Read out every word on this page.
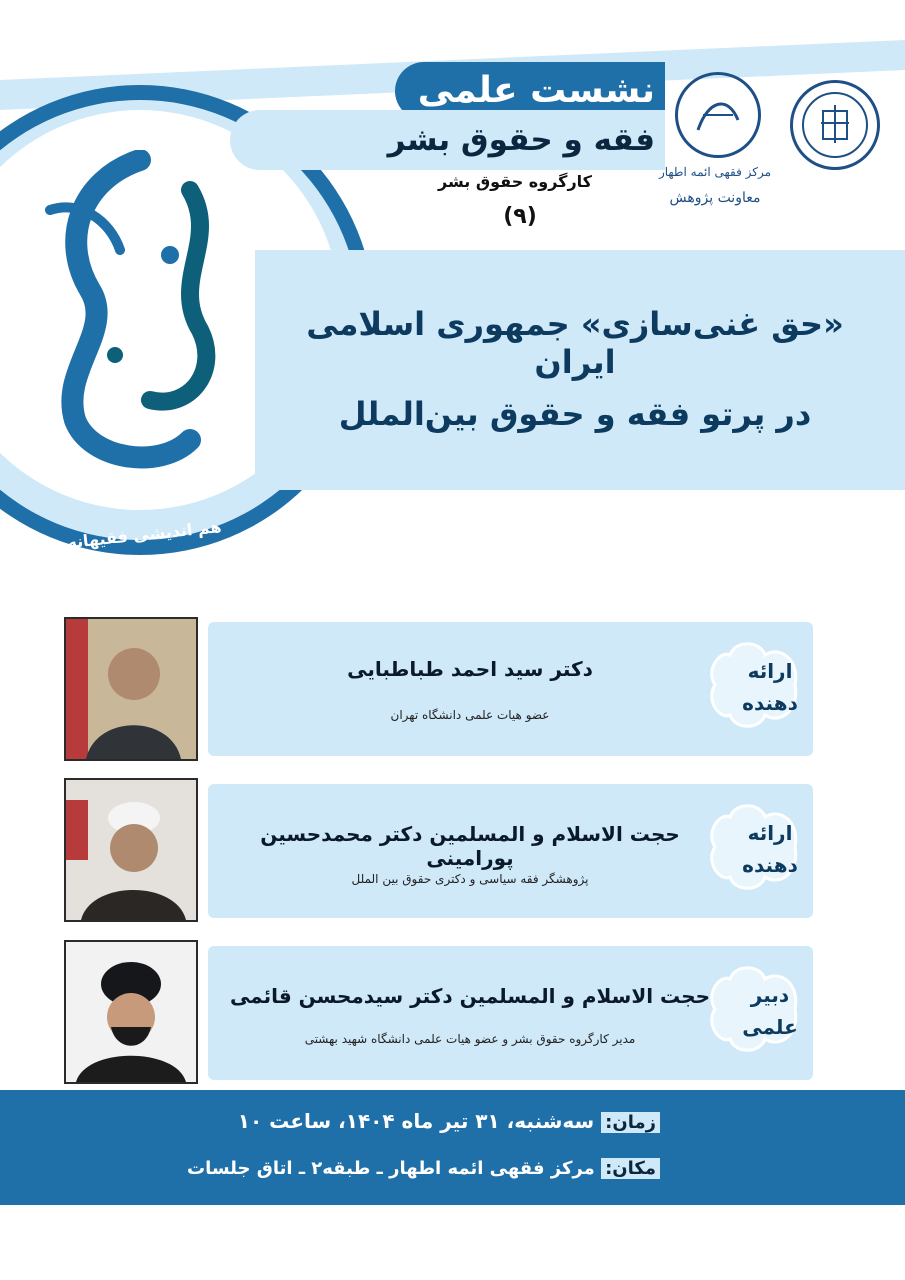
هم اندیشی فقیهانه
نشست علمی
فقه و حقوق بشر
کارگروه حقوق بشر
(۹)
مرکز فقهی ائمه اطهار
معاونت پژوهش
«حق غنی‌سازی» جمهوری اسلامی ایران
در پرتو فقه و حقوق بین‌الملل
ارائه
دهنده
دکتر سید احمد طباطبایی
عضو هیات علمی دانشگاه تهران
ارائه
دهنده
حجت الاسلام و المسلمین دکتر محمدحسین پورامینی
پژوهشگر فقه سیاسی و دکتری حقوق بین الملل
دبیر
علمی
حجت الاسلام و المسلمین دکتر سیدمحسن قائمی
مدیر کارگروه حقوق بشر و عضو هیات علمی دانشگاه شهید بهشتی
زمان: سه‌شنبه، ۳۱ تیر ماه ۱۴۰۴، ساعت ۱۰
مکان: مرکز فقهی ائمه اطهار ـ طبقه۲ ـ اتاق جلسات
